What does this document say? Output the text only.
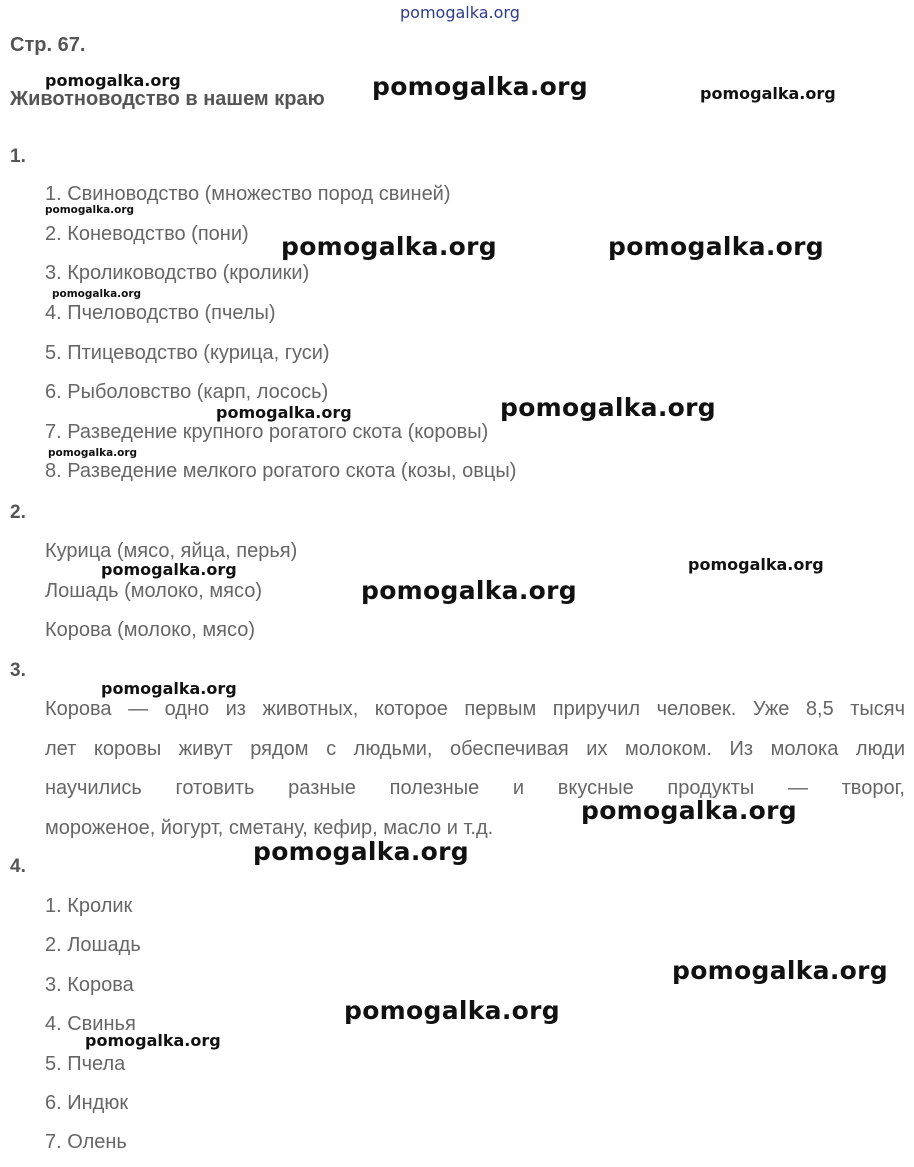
Стр. 67.
Животноводство в нашем краю
1.
1. Свиноводство (множество пород свиней)
2. Коневодство (пони)
3. Кролиководство (кролики)
4. Пчеловодство (пчелы)
5. Птицеводство (курица, гуси)
6. Рыболовство (карп, лосось)
7. Разведение крупного рогатого скота (коровы)
8. Разведение мелкого рогатого скота (козы, овцы)
2.
Курица (мясо, яйца, перья)
Лошадь (молоко, мясо)
Корова (молоко, мясо)
3.
Корова — одно из животных, которое первым приручил человек. Уже 8,5 тысяч
лет коровы живут рядом с людьми, обеспечивая их молоком. Из молока люди
научились готовить разные полезные и вкусные продукты — творог,
мороженое, йогурт, сметану, кефир, масло и т.д.
4.
1. Кролик
2. Лошадь
3. Корова
4. Свинья
5. Пчела
6. Индюк
7. Олень
pomogalka.org
pomogalka.org	pomogalka.org	pomogalka.org
pomogalka.org
pomogalka.org	pomogalka.org
pomogalka.org
pomogalka.org	pomogalka.org
pomogalka.org
pomogalka.org	pomogalka.org
pomogalka.org
pomogalka.org
pomogalka.org
pomogalka.org
pomogalka.org
pomogalka.org
pomogalka.org
